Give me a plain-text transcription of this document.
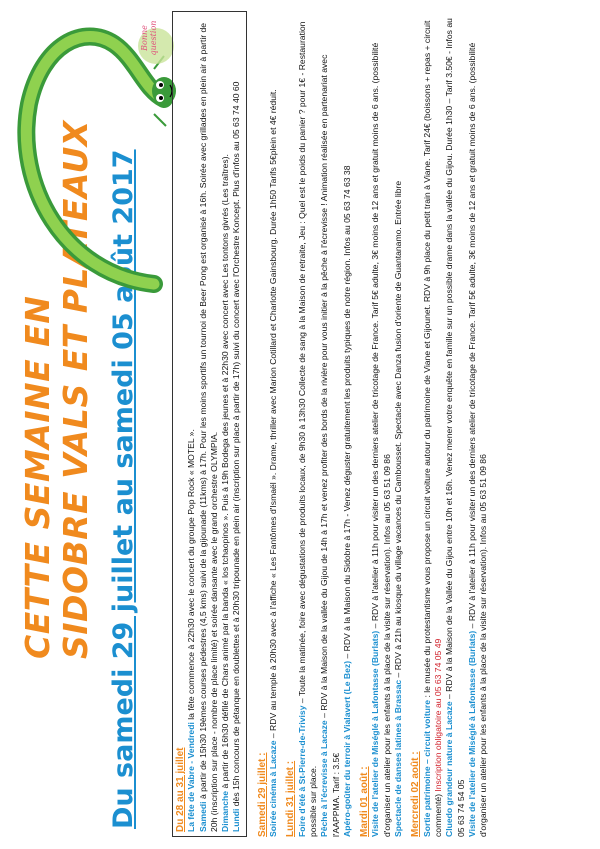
CETTE SEMAINE EN SIDOBRE VALS ET PLATEAUX Du samedi 29 juillet au samedi 05 août 2017
Bonne question
Du 28 au 31 juillet La fête de Vabre - Vendredi la fête commence à 22h30 avec le concert du groupe Pop Rock « MOTEL ».

Samedi à partir de 15h30 19èmes courses pédestres (4,5 kms) suivi de la gijounade (11kms) à 17h. Pour les moins sportifs un tournoi de Beer Pong est organisé à 16h. Soirée avec grillades en plein air à partir de 20h (inscription sur place - nombre de place limité) et soirée dansante avec le grand orchestre OLYMPIA. Dimanche à partir de 16h30 défilé de Chars animé par la banda « los tchaopinos ». Puis à 19h Bodega des jeunes et à 22h30 avec concert avec Les tontons givrés (Les traîtres).

Lundi dès 15h concours de pétanque en doublettes et à 20h30 tripounade en plein air (inscription sur place à partir de 17h) suivi du concert avec l'Orchestre Koncept. Plus d'infos au 05 63 74 40 60 Samedi 29 juillet : Soirée cinéma à Lacaze – RDV au temple à 20h30 avec à l'affiche « Les Fantômes d'Ismaël ». Drame, thriller avec Marion Cotillard et Charlotte Gainsbourg. Durée 1h50 Tarifs 5€plein et 4€ réduit.

Lundi 31 juillet : Foire d'été à St-Pierre-de-Trivisy – Toute la matinée, foire avec dégustations de produits locaux, de 9h30 à 13h30 Collecte de sang à la Maison de retraite, Jeu : Quel est le poids du panier ? pour 1€ - Restauration possible sur place. Pêche à l'écrevisse à Lacaze – RDV à la Maison de la vallée du Gijou de 14h à 17h et venez profiter des bords de la rivière pour vous initier à la pêche à l'écrevisse ! Animation réalisée en partenariat avec l'AAPPMA. Tarif : 3.5€ Apéro-goûter du terroir à Vialavert (Le Bez) – RDV à la Maison du Sidobre à 17h - Venez déguster gratuitement les produits typiques de notre région. Infos au 05 63 74 63 38

Mardi 01 août : Visite de l'atelier de Miséglé à Lafontasse (Burlats) – RDV à l'atelier à 11h pour visiter un des derniers atelier de tricotage de France. Tarif 5€ adulte, 3€ moins de 12 ans et gratuit moins de 6 ans. (possibilité d'organiser un atelier pour les enfants à la place de la visite sur réservation). Infos au 05 63 51 09 86 Spectacle de danses latines à Brassac – RDV à 21h au kiosque du village vacances du Cambousset. Spectacle avec Danza fusion d'oriente de Guantanamo. Entrée libre

Mercredi 02 août : Sortie patrimoine – circuit voiture : le musée du protestantisme vous propose un circuit voiture autour du patrimoine de Viane et Gijounet. RDV à 9h place du petit train à Viane. Tarif 24€ (boissons + repas + circuit commenté) Inscription obligatoire au 05 63 74 05 49 Cluedo grandeur nature à Lacaze – RDV à la Maison de la Vallée du Gijou entre 10h et 16h. Venez mener votre enquête en famille sur un possible drame dans la vallée du Gijou. Durée 1h30 – Tarif 3.50€ - Infos au 05 63 74 54 05 Visite de l'atelier de Miséglé à Lafontasse (Burlats) – RDV à l'atelier à 11h pour visiter un des derniers atelier de tricotage de France. Tarif 5€ adulte, 3€ moins de 12 ans et gratuit moins de 6 ans. (possibilité d'organiser un atelier pour les enfants à la place de la visite sur réservation). Infos au 05 63 51 09 86
